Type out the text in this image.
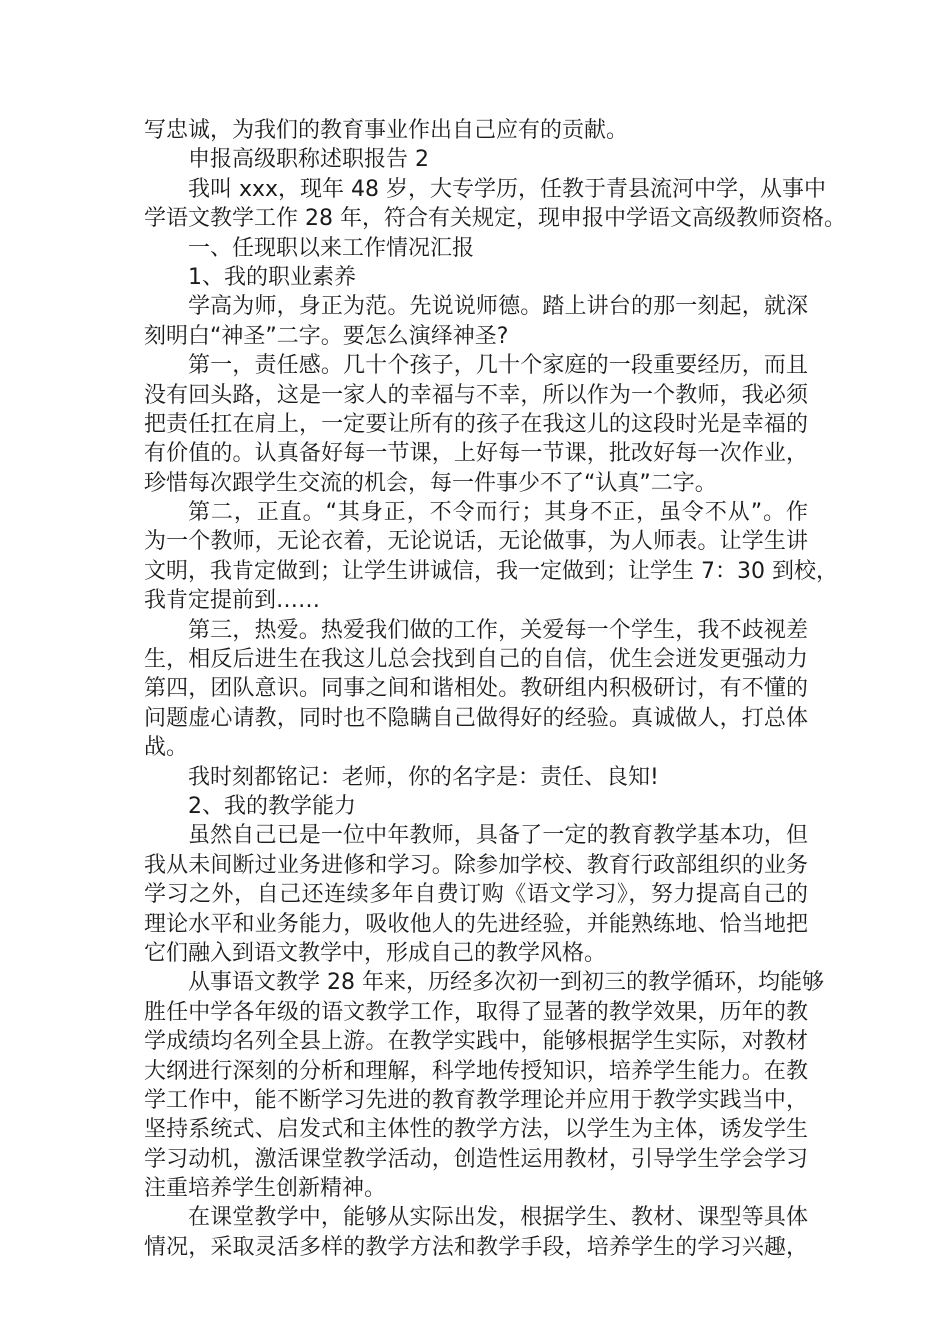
写忠诚，为我们的教育事业作出自己应有的贡献。
申报高级职称述职报告 2
我叫 xxx，现年 48 岁，大专学历，任教于青县流河中学，从事中
学语文教学工作 28 年，符合有关规定，现申报中学语文高级教师资格。
一、任现职以来工作情况汇报
1、我的职业素养
学高为师，身正为范。先说说师德。踏上讲台的那一刻起，就深
刻明白“神圣”二字。要怎么演绎神圣?
第一，责任感。几十个孩子，几十个家庭的一段重要经历，而且
没有回头路，这是一家人的幸福与不幸，所以作为一个教师，我必须
把责任扛在肩上，一定要让所有的孩子在我这儿的这段时光是幸福的
有价值的。认真备好每一节课，上好每一节课，批改好每一次作业，
珍惜每次跟学生交流的机会，每一件事少不了“认真”二字。
第二，正直。“其身正，不令而行；其身不正，虽令不从”。作
为一个教师，无论衣着，无论说话，无论做事，为人师表。让学生讲
文明，我肯定做到；让学生讲诚信，我一定做到；让学生 7：30 到校，
我肯定提前到……
第三，热爱。热爱我们做的工作，关爱每一个学生，我不歧视差
生，相反后进生在我这儿总会找到自己的自信，优生会迸发更强动力
第四，团队意识。同事之间和谐相处。教研组内积极研讨，有不懂的
问题虚心请教，同时也不隐瞒自己做得好的经验。真诚做人，打总体
战。
我时刻都铭记：老师，你的名字是：责任、良知!
2、我的教学能力
虽然自己已是一位中年教师，具备了一定的教育教学基本功，但
我从未间断过业务进修和学习。除参加学校、教育行政部组织的业务
学习之外，自己还连续多年自费订购《语文学习》，努力提高自己的
理论水平和业务能力，吸收他人的先进经验，并能熟练地、恰当地把
它们融入到语文教学中，形成自己的教学风格。
从事语文教学 28 年来，历经多次初一到初三的教学循环，均能够
胜任中学各年级的语文教学工作，取得了显著的教学效果，历年的教
学成绩均名列全县上游。在教学实践中，能够根据学生实际，对教材
大纲进行深刻的分析和理解，科学地传授知识，培养学生能力。在教
学工作中，能不断学习先进的教育教学理论并应用于教学实践当中，
坚持系统式、启发式和主体性的教学方法，以学生为主体，诱发学生
学习动机，激活课堂教学活动，创造性运用教材，引导学生学会学习
注重培养学生创新精神。
在课堂教学中，能够从实际出发，根据学生、教材、课型等具体
情况，采取灵活多样的教学方法和教学手段，培养学生的学习兴趣，
